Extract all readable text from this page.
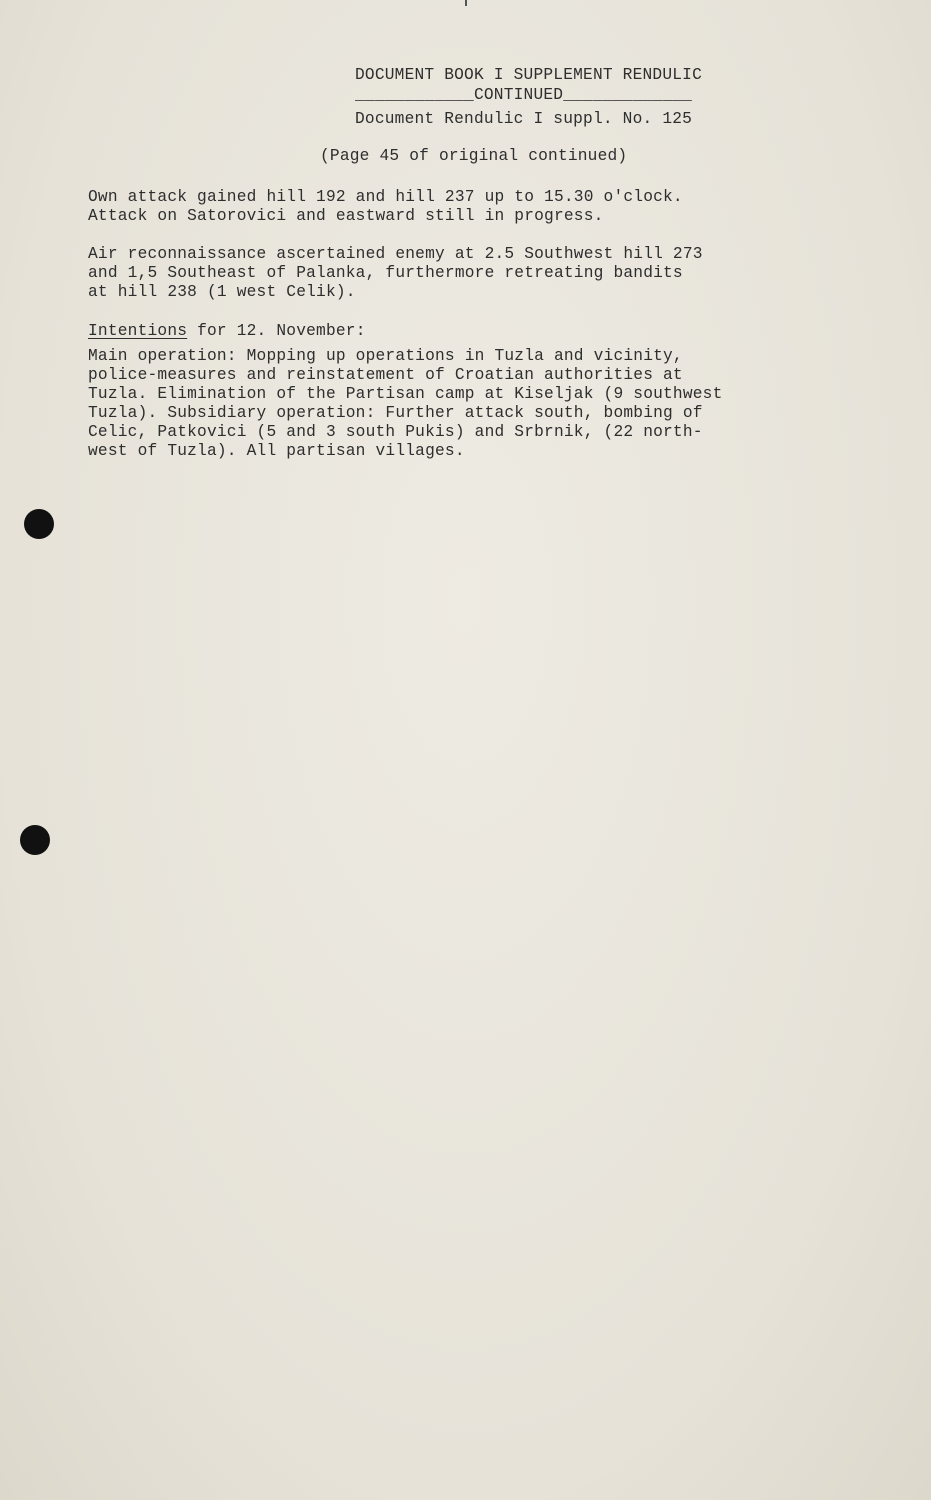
DOCUMENT BOOK I SUPPLEMENT RENDULIC
____________CONTINUED_____________
Document Rendulic I suppl. No. 125
(Page 45 of original continued)
Own attack gained hill 192 and hill 237 up to 15.30 o'clock.
Attack on Satorovici and eastward still in progress.
Air reconnaissance ascertained enemy at 2.5 Southwest hill 273
and 1,5 Southeast of Palanka, furthermore retreating bandits
at hill 238 (1 west Celik).
Intentions for 12. November:
Main operation: Mopping up operations in Tuzla and vicinity,
police-measures and reinstatement of Croatian authorities at
Tuzla. Elimination of the Partisan camp at Kiseljak (9 southwest
Tuzla). Subsidiary operation: Further attack south, bombing of
Celic, Patkovici (5 and 3 south Pukis) and Srbrnik, (22 north-
west of Tuzla). All partisan villages.
